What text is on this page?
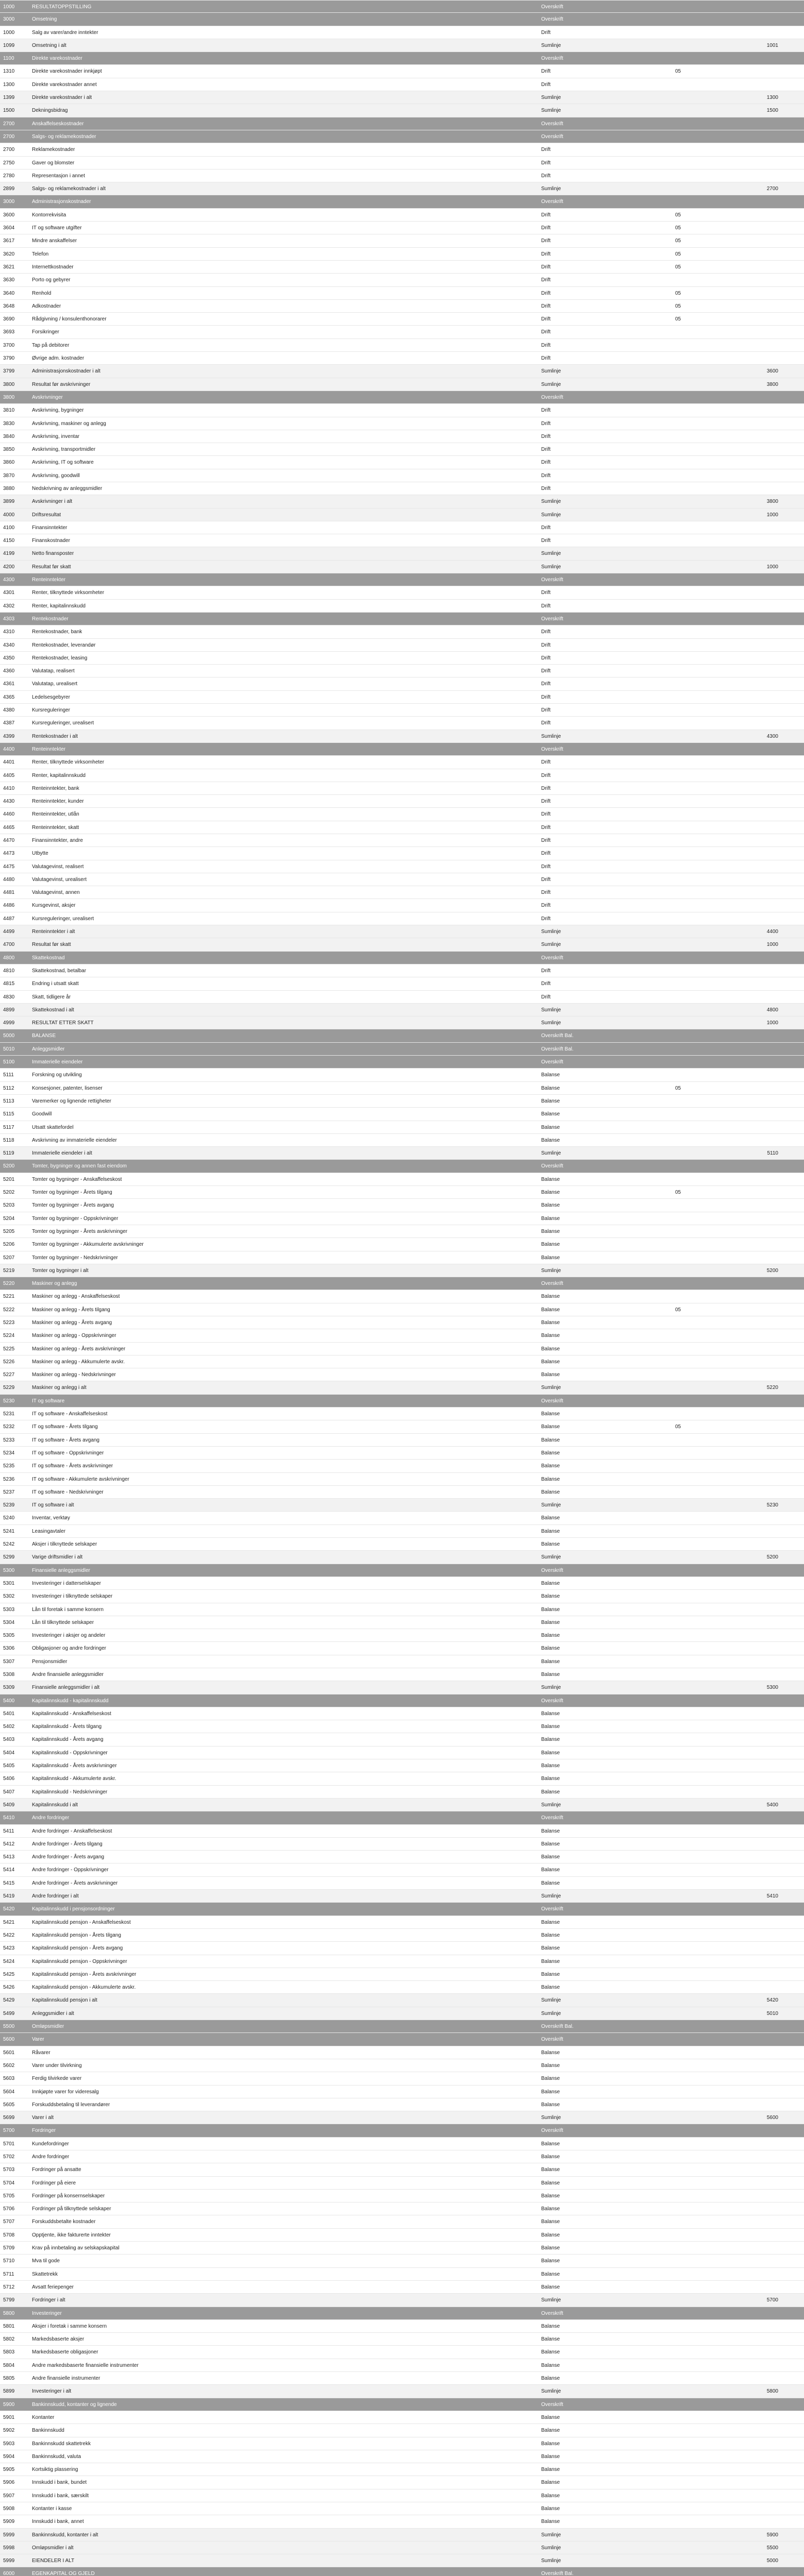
1000	RESULTATOPPSTILLING	Overskrift
3000	Omsetning	Overskrift
1000	Salg av varer/andre inntekter	Drift
1099	Omsetning i alt	Sumlinje	1001
1100	Direkte varekostnader	Overskrift
1310	Direkte varekostnader innkjøpt	Drift	05
1300	Direkte varekostnader annet	Drift
1399	Direkte varekostnader i alt	Sumlinje	1300
1500	Dekningsbidrag	Sumlinje	1500
2700	Anskaffelseskostnader	Overskrift
2700	Salgs- og reklamekostnader	Overskrift
2700	Reklamekostnader	Drift
2750	Gaver og blomster	Drift
2780	Representasjon i annet	Drift
2899	Salgs- og reklamekostnader i alt	Sumlinje	2700
3000	Administrasjonskostnader	Overskrift
3600	Kontorrekvisita	Drift	05
3604	IT og software utgifter	Drift	05
3617	Mindre anskaffelser	Drift	05
3620	Telefon	Drift	05
3621	Internettkostnader	Drift	05
3630	Porto og gebyrer	Drift
3640	Renhold	Drift	05
3648	Adkostnader	Drift	05
3690	Rådgivning / konsulenthonorarer	Drift	05
3693	Forsikringer	Drift
3700	Tap på debitorer	Drift
3790	Øvrige adm. kostnader	Drift
3799	Administrasjonskostnader i alt	Sumlinje	3600
3800	Resultat før avskrivninger	Sumlinje	3800
3800	Avskrivninger	Overskrift
3810	Avskrivning, bygninger	Drift
3830	Avskrivning, maskiner og anlegg	Drift
3840	Avskrivning, inventar	Drift
3850	Avskrivning, transportmidler	Drift
3860	Avskrivning, IT og software	Drift
3870	Avskrivning, goodwill	Drift
3880	Nedskrivning av anleggsmidler	Drift
3899	Avskrivninger i alt	Sumlinje	3800
4000	Driftsresultat	Sumlinje	1000
4100	Finansinntekter	Drift
4150	Finanskostnader	Drift
4199	Netto finansposter	Sumlinje
4200	Resultat før skatt	Sumlinje	1000
4300	Renteinntekter	Overskrift
4301	Renter, tilknyttede virksomheter	Drift
4302	Renter, kapitalinnskudd	Drift
4303	Rentekostnader	Overskrift
4310	Rentekostnader, bank	Drift
4340	Rentekostnader, leverandør	Drift
4350	Rentekostnader, leasing	Drift
4360	Valutatap, realisert	Drift
4361	Valutatap, urealisert	Drift
4365	Ledelsesgebyrer	Drift
4380	Kursreguleringer	Drift
4387	Kursreguleringer, urealisert	Drift
4399	Rentekostnader i alt	Sumlinje	4300
4400	Renteinntekter	Overskrift
4401	Renter, tilknyttede virksomheter	Drift
4405	Renter, kapitalinnskudd	Drift
4410	Renteinntekter, bank	Drift
4430	Renteinntekter, kunder	Drift
4460	Renteinntekter, utlån	Drift
4465	Renteinntekter, skatt	Drift
4470	Finansinntekter, andre	Drift
4473	Utbytte	Drift
4475	Valutagevinst, realisert	Drift
4480	Valutagevinst, urealisert	Drift
4481	Valutagevinst, annen	Drift
4486	Kursgevinst, aksjer	Drift
4487	Kursreguleringer, urealisert	Drift
4499	Renteinntekter i alt	Sumlinje	4400
4700	Resultat før skatt	Sumlinje	1000
4800	Skattekostnad	Overskrift
4810	Skattekostnad, betalbar	Drift
4815	Endring i utsatt skatt	Drift
4830	Skatt, tidligere år	Drift
4899	Skattekostnad i alt	Sumlinje	4800
4999	RESULTAT ETTER SKATT	Sumlinje	1000
5000	BALANSE	Overskrift Bal.
5010	Anleggsmidler	Overskrift Bal.
5100	Immaterielle eiendeler	Overskrift
5111	Forskning og utvikling	Balanse
5112	Konsesjoner, patenter, lisenser	Balanse	05
5113	Varemerker og lignende rettigheter	Balanse
5115	Goodwill	Balanse
5117	Utsatt skattefordel	Balanse
5118	Avskrivning av immaterielle eiendeler	Balanse
5119	Immaterielle eiendeler i alt	Sumlinje	5110
5200	Tomter, bygninger og annen fast eiendom	Overskrift
5201	Tomter og bygninger - Anskaffelseskost	Balanse
5202	Tomter og bygninger - Årets tilgang	Balanse	05
5203	Tomter og bygninger - Årets avgang	Balanse
5204	Tomter og bygninger - Oppskrivninger	Balanse
5205	Tomter og bygninger - Årets avskrivninger	Balanse
5206	Tomter og bygninger - Akkumulerte avskrivninger	Balanse
5207	Tomter og bygninger - Nedskrivninger	Balanse
5219	Tomter og bygninger i alt	Sumlinje	5200
5220	Maskiner og anlegg	Overskrift
5221	Maskiner og anlegg - Anskaffelseskost	Balanse
5222	Maskiner og anlegg - Årets tilgang	Balanse	05
5223	Maskiner og anlegg - Årets avgang	Balanse
5224	Maskiner og anlegg - Oppskrivninger	Balanse
5225	Maskiner og anlegg - Årets avskrivninger	Balanse
5226	Maskiner og anlegg - Akkumulerte avskr.	Balanse
5227	Maskiner og anlegg - Nedskrivninger	Balanse
5229	Maskiner og anlegg i alt	Sumlinje	5220
5230	IT og software	Overskrift
5231	IT og software - Anskaffelseskost	Balanse
5232	IT og software - Årets tilgang	Balanse	05
5233	IT og software - Årets avgang	Balanse
5234	IT og software - Oppskrivninger	Balanse
5235	IT og software - Årets avskrivninger	Balanse
5236	IT og software - Akkumulerte avskrivninger	Balanse
5237	IT og software - Nedskrivninger	Balanse
5239	IT og software i alt	Sumlinje	5230
5240	Inventar, verktøy	Balanse
5241	Leasingavtaler	Balanse
5242	Aksjer i tilknyttede selskaper	Balanse
5299	Varige driftsmidler i alt	Sumlinje	5200
5300	Finansielle anleggsmidler	Overskrift
5301	Investeringer i datterselskaper	Balanse
5302	Investeringer i tilknyttede selskaper	Balanse
5303	Lån til foretak i samme konsern	Balanse
5304	Lån til tilknyttede selskaper	Balanse
5305	Investeringer i aksjer og andeler	Balanse
5306	Obligasjoner og andre fordringer	Balanse
5307	Pensjonsmidler	Balanse
5308	Andre finansielle anleggsmidler	Balanse
5309	Finansielle anleggsmidler i alt	Sumlinje	5300
5400	Kapitalinnskudd - kapitalinnskudd	Overskrift
5401	Kapitalinnskudd - Anskaffelseskost	Balanse
5402	Kapitalinnskudd - Årets tilgang	Balanse
5403	Kapitalinnskudd - Årets avgang	Balanse
5404	Kapitalinnskudd - Oppskrivninger	Balanse
5405	Kapitalinnskudd - Årets avskrivninger	Balanse
5406	Kapitalinnskudd - Akkumulerte avskr.	Balanse
5407	Kapitalinnskudd - Nedskrivninger	Balanse
5409	Kapitalinnskudd i alt	Sumlinje	5400
5410	Andre fordringer	Overskrift
5411	Andre fordringer - Anskaffelseskost	Balanse
5412	Andre fordringer - Årets tilgang	Balanse
5413	Andre fordringer - Årets avgang	Balanse
5414	Andre fordringer - Oppskrivninger	Balanse
5415	Andre fordringer - Årets avskrivninger	Balanse
5419	Andre fordringer i alt	Sumlinje	5410
5420	Kapitalinnskudd i pensjonsordninger	Overskrift
5421	Kapitalinnskudd pensjon - Anskaffelseskost	Balanse
5422	Kapitalinnskudd pensjon - Årets tilgang	Balanse
5423	Kapitalinnskudd pensjon - Årets avgang	Balanse
5424	Kapitalinnskudd pensjon - Oppskrivninger	Balanse
5425	Kapitalinnskudd pensjon - Årets avskrivninger	Balanse
5426	Kapitalinnskudd pensjon - Akkumulerte avskr.	Balanse
5429	Kapitalinnskudd pensjon i alt	Sumlinje	5420
5499	Anleggsmidler i alt	Sumlinje	5010
5500	Omløpsmidler	Overskrift Bal.
5600	Varer	Overskrift
5601	Råvarer	Balanse
5602	Varer under tilvirkning	Balanse
5603	Ferdig tilvirkede varer	Balanse
5604	Innkjøpte varer for videresalg	Balanse
5605	Forskuddsbetaling til leverandører	Balanse
5699	Varer i alt	Sumlinje	5600
5700	Fordringer	Overskrift
5701	Kundefordringer	Balanse
5702	Andre fordringer	Balanse
5703	Fordringer på ansatte	Balanse
5704	Fordringer på eiere	Balanse
5705	Fordringer på konsernselskaper	Balanse
5706	Fordringer på tilknyttede selskaper	Balanse
5707	Forskuddsbetalte kostnader	Balanse
5708	Opptjente, ikke fakturerte inntekter	Balanse
5709	Krav på innbetaling av selskapskapital	Balanse
5710	Mva til gode	Balanse
5711	Skattetrekk	Balanse
5712	Avsatt feriepenger	Balanse
5799	Fordringer i alt	Sumlinje	5700
5800	Investeringer	Overskrift
5801	Aksjer i foretak i samme konsern	Balanse
5802	Markedsbaserte aksjer	Balanse
5803	Markedsbaserte obligasjoner	Balanse
5804	Andre markedsbaserte finansielle instrumenter	Balanse
5805	Andre finansielle instrumenter	Balanse
5899	Investeringer i alt	Sumlinje	5800
5900	Bankinnskudd, kontanter og lignende	Overskrift
5901	Kontanter	Balanse
5902	Bankinnskudd	Balanse
5903	Bankinnskudd skattetrekk	Balanse
5904	Bankinnskudd, valuta	Balanse
5905	Kortsiktig plassering	Balanse
5906	Innskudd i bank, bundet	Balanse
5907	Innskudd i bank, særskilt	Balanse
5908	Kontanter i kasse	Balanse
5909	Innskudd i bank, annet	Balanse
5999	Bankinnskudd, kontanter i alt	Sumlinje	5900
5998	Omløpsmidler i alt	Sumlinje	5500
5999	EIENDELER I ALT	Sumlinje	5000
6000	EGENKAPITAL OG GJELD	Overskrift Bal.
